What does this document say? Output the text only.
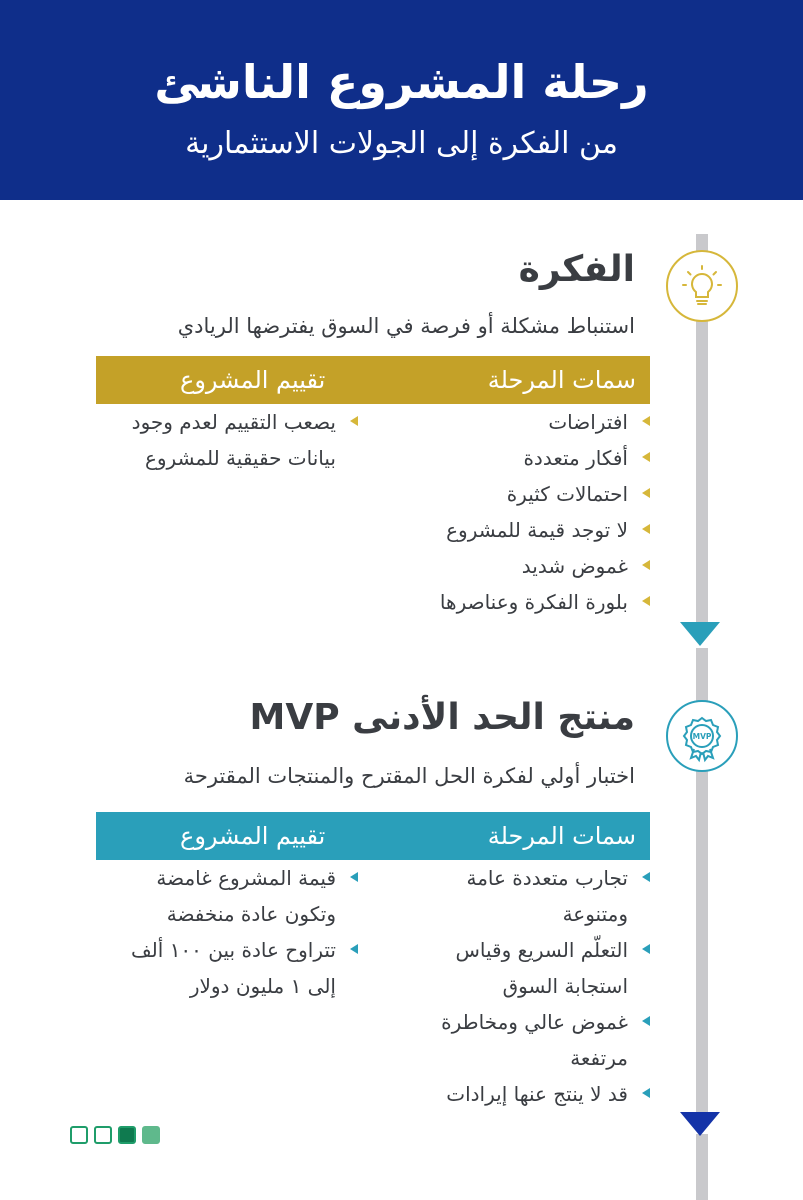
رحلة المشروع الناشئ
من الفكرة إلى الجولات الاستثمارية
الفكرة
استنباط مشكلة أو فرصة في السوق يفترضها الريادي
سمات المرحلة
تقييم المشروع
افتراضات
أفكار متعددة
احتمالات كثيرة
لا توجد قيمة للمشروع
غموض شديد
بلورة الفكرة وعناصرها
يصعب التقييم لعدم وجود بيانات حقيقية للمشروع
MVP
منتج الحد الأدنى MVP
اختبار أولي لفكرة الحل المقترح والمنتجات المقترحة
سمات المرحلة
تقييم المشروع
تجارب متعددة عامة ومتنوعة
التعلّم السريع وقياس استجابة السوق
غموض عالي ومخاطرة مرتفعة
قد لا ينتج عنها إيرادات
قيمة المشروع غامضة وتكون عادة منخفضة
تتراوح عادة بين ١٠٠ ألف إلى ١ مليون دولار
